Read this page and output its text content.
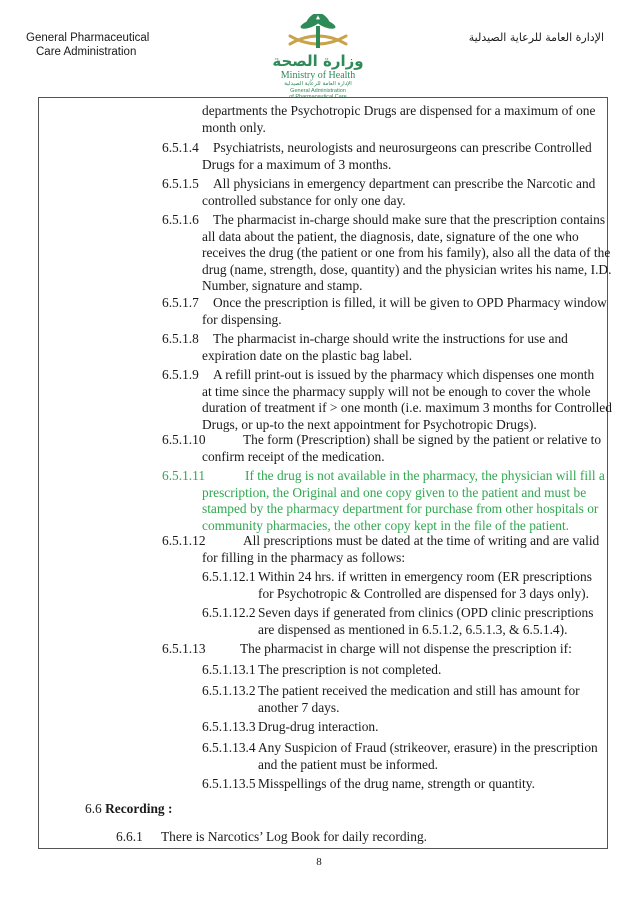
General Pharmaceutical
Care Administration
الإدارة العامة للرعاية الصيدلية
وزارة الصحة
Ministry of Health
الإدارة العامة للرعاية الصيدلية
General Administration
of Pharmaceutical Care
departments the Psychotropic Drugs are dispensed for a maximum of one
month only.
6.5.1.4	Psychiatrists, neurologists and neurosurgeons can prescribe Controlled
Drugs for a maximum of 3 months.
6.5.1.5	All physicians in emergency department can prescribe the Narcotic and
controlled substance for only one day.
6.5.1.6	The pharmacist in-charge should make sure that the prescription contains
all data about the patient, the diagnosis, date, signature of the one who
receives the drug (the patient or one from his family), also all the data of the
drug (name, strength, dose, quantity) and the physician writes his name, I.D.
Number, signature and stamp.
6.5.1.7	Once the prescription is filled, it will be given to OPD Pharmacy window
for dispensing.
6.5.1.8	The pharmacist in-charge should write the instructions for use and
expiration date on the plastic bag label.
6.5.1.9	A refill print-out is issued by the pharmacy which dispenses one month
at time since the pharmacy supply will not be enough to cover the whole
duration of treatment if > one month (i.e. maximum 3 months for Controlled
Drugs, or up-to the next appointment for Psychotropic Drugs).
6.5.1.10	The form (Prescription) shall be signed by the patient or relative to
confirm receipt of the medication.
6.5.1.11	If the drug is not available in the pharmacy, the physician will fill a
prescription, the Original and one copy given to the patient and must be
stamped by the pharmacy department for purchase from other hospitals or
community pharmacies, the other copy kept in the file of the patient.
6.5.1.12	All prescriptions must be dated at the time of writing and are valid
for filling in the pharmacy as follows:
6.5.1.12.1 Within 24 hrs. if written in emergency room (ER prescriptions
for Psychotropic & Controlled are dispensed for 3 days only).
6.5.1.12.2 Seven days if generated from clinics (OPD clinic prescriptions
are dispensed as mentioned in 6.5.1.2, 6.5.1.3, & 6.5.1.4).
6.5.1.13	The pharmacist in charge will not dispense the prescription if:
6.5.1.13.1 The prescription is not completed.
6.5.1.13.2 The patient received the medication and still has amount for
another 7 days.
6.5.1.13.3 Drug-drug interaction.
6.5.1.13.4 Any Suspicion of Fraud (strikeover, erasure) in the prescription
and the patient must be informed.
6.5.1.13.5 Misspellings of the drug name, strength or quantity.
6.6 Recording :
6.6.1 There is Narcotics’ Log Book for daily recording.
8
